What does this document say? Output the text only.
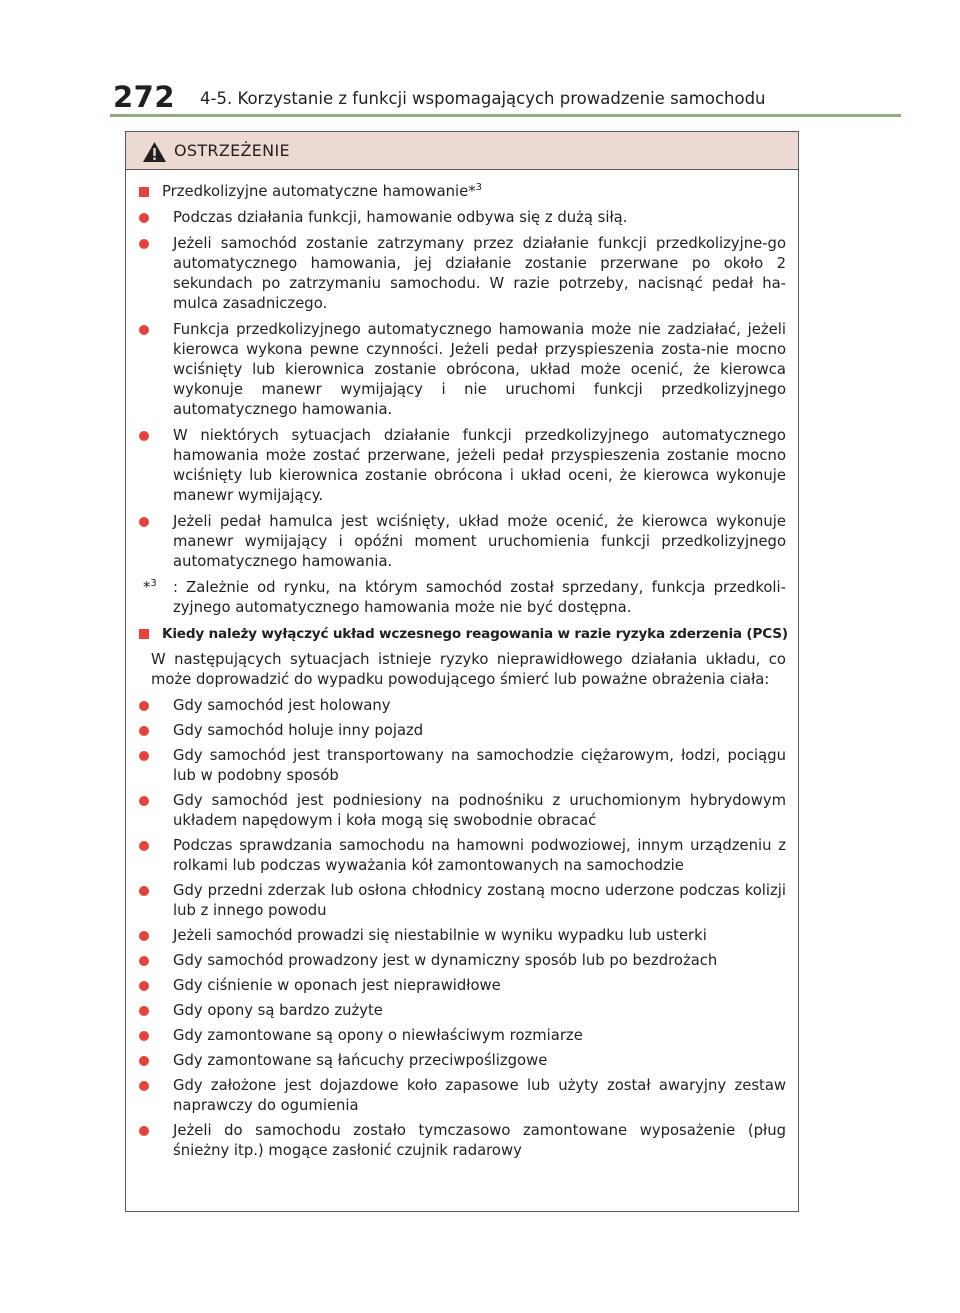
272 4-5. Korzystanie z funkcji wspomagających prowadzenie samochodu
OSTRZEŻENIE
Przedkolizyjne automatyczne hamowanie*$^3$
Podczas działania funkcji, hamowanie odbywa się z dużą siłą.
Jeżeli samochód zostanie zatrzymany przez działanie funkcji przedkolizyjne-go automatycznego hamowania, jej działanie zostanie przerwane po około 2 sekundach po zatrzymaniu samochodu. W razie potrzeby, nacisnąć pedał ha-mulca zasadniczego.
Funkcja przedkolizyjnego automatycznego hamowania może nie zadziałać, jeżeli kierowca wykona pewne czynności. Jeżeli pedał przyspieszenia zosta-nie mocno wciśnięty lub kierownica zostanie obrócona, układ może ocenić, że kierowca wykonuje manewr wymijający i nie uruchomi funkcji przedkolizyjnego automatycznego hamowania.
W niektórych sytuacjach działanie funkcji przedkolizyjnego automatycznego hamowania może zostać przerwane, jeżeli pedał przyspieszenia zostanie mocno wciśnięty lub kierownica zostanie obrócona i układ oceni, że kierowca wykonuje manewr wymijający.
Jeżeli pedał hamulca jest wciśnięty, układ może ocenić, że kierowca wykonuje manewr wymijający i opóźni moment uruchomienia funkcji przedkolizyjnego automatycznego hamowania.
*$^3$ : Zależnie od rynku, na którym samochód został sprzedany, funkcja przedkoli-zyjnego automatycznego hamowania może nie być dostępna.
Kiedy należy wyłączyć układ wczesnego reagowania w razie ryzyka zderzenia (PCS)
W następujących sytuacjach istnieje ryzyko nieprawidłowego działania układu, co może doprowadzić do wypadku powodującego śmierć lub poważne obrażenia ciała:
Gdy samochód jest holowany
Gdy samochód holuje inny pojazd
Gdy samochód jest transportowany na samochodzie ciężarowym, łodzi, pociągu lub w podobny sposób
Gdy samochód jest podniesiony na podnośniku z uruchomionym hybrydowym układem napędowym i koła mogą się swobodnie obracać
Podczas sprawdzania samochodu na hamowni podwoziowej, innym urządzeniu z rolkami lub podczas wyważania kół zamontowanych na samochodzie
Gdy przedni zderzak lub osłona chłodnicy zostaną mocno uderzone podczas kolizji lub z innego powodu
Jeżeli samochód prowadzi się niestabilnie w wyniku wypadku lub usterki
Gdy samochód prowadzony jest w dynamiczny sposób lub po bezdrożach
Gdy ciśnienie w oponach jest nieprawidłowe
Gdy opony są bardzo zużyte
Gdy zamontowane są opony o niewłaściwym rozmiarze
Gdy zamontowane są łańcuchy przeciwpoślizgowe
Gdy założone jest dojazdowe koło zapasowe lub użyty został awaryjny zestaw naprawczy do ogumienia
Jeżeli do samochodu zostało tymczasowo zamontowane wyposażenie (pług śnieżny itp.) mogące zasłonić czujnik radarowy
